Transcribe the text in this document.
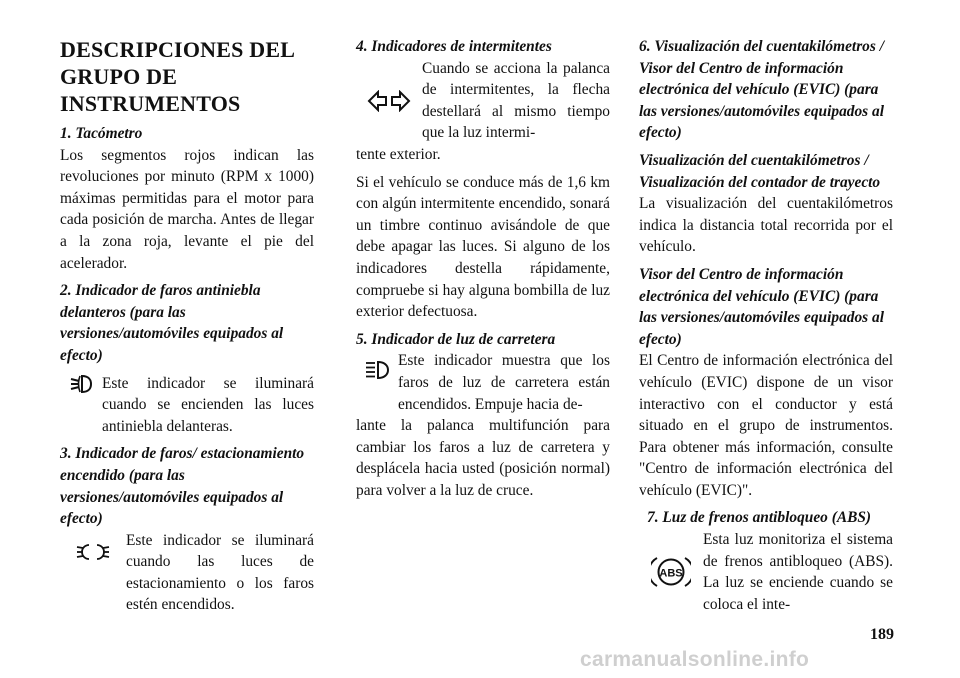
DESCRIPCIONES DEL GRUPO DE INSTRUMENTOS
1. Tacómetro

Los segmentos rojos indican las revoluciones por minuto (RPM x 1000) máximas permitidas para el motor para cada posición de marcha. Antes de llegar a la zona roja, levante el pie del acelerador.

2. Indicador de faros antiniebla delanteros (para las versiones/automóviles equipados al efecto)
Este indicador se iluminará cuando se encienden las luces antiniebla delanteras.
3. Indicador de faros/ estacionamiento encendido (para las versiones/automóviles equipados al efecto)
Este indicador se iluminará cuando las luces de estacionamiento o los faros estén encendidos.
4. Indicadores de intermitentes
Cuando se acciona la palanca de intermitentes, la flecha destellará al mismo tiempo que la luz intermi-

tente exterior.

Si el vehículo se conduce más de 1,6 km con algún intermitente encendido, sonará un timbre continuo avisándole de que debe apagar las luces. Si alguno de los indicadores destella rápidamente, compruebe si hay alguna bombilla de luz exterior defectuosa.

5. Indicador de luz de carretera
Este indicador muestra que los faros de luz de carretera están encendidos. Empuje hacia de-

lante la palanca multifunción para cambiar los faros a luz de carretera y desplácela hacia usted (posición normal) para volver a la luz de cruce.

6. Visualización del cuentakilómetros / Visor del Centro de información electrónica del vehículo (EVIC) (para las versiones/automóviles equipados al efecto)
Visualización del cuentakilómetros / Visualización del contador de trayecto

La visualización del cuentakilómetros indica la distancia total recorrida por el vehículo.

Visor del Centro de información electrónica del vehículo (EVIC) (para las versiones/automóviles equipados al efecto)

El Centro de información electrónica del vehículo (EVIC) dispone de un visor interactivo con el conductor y está situado en el grupo de instrumentos. Para obtener más información, consulte "Centro de información electrónica del vehículo (EVIC)".

7. Luz de frenos antibloqueo (ABS)
ABS
Esta luz monitoriza el sistema de frenos antibloqueo (ABS). La luz se enciende cuando se coloca el inte-
189
carmanualsonline.info
